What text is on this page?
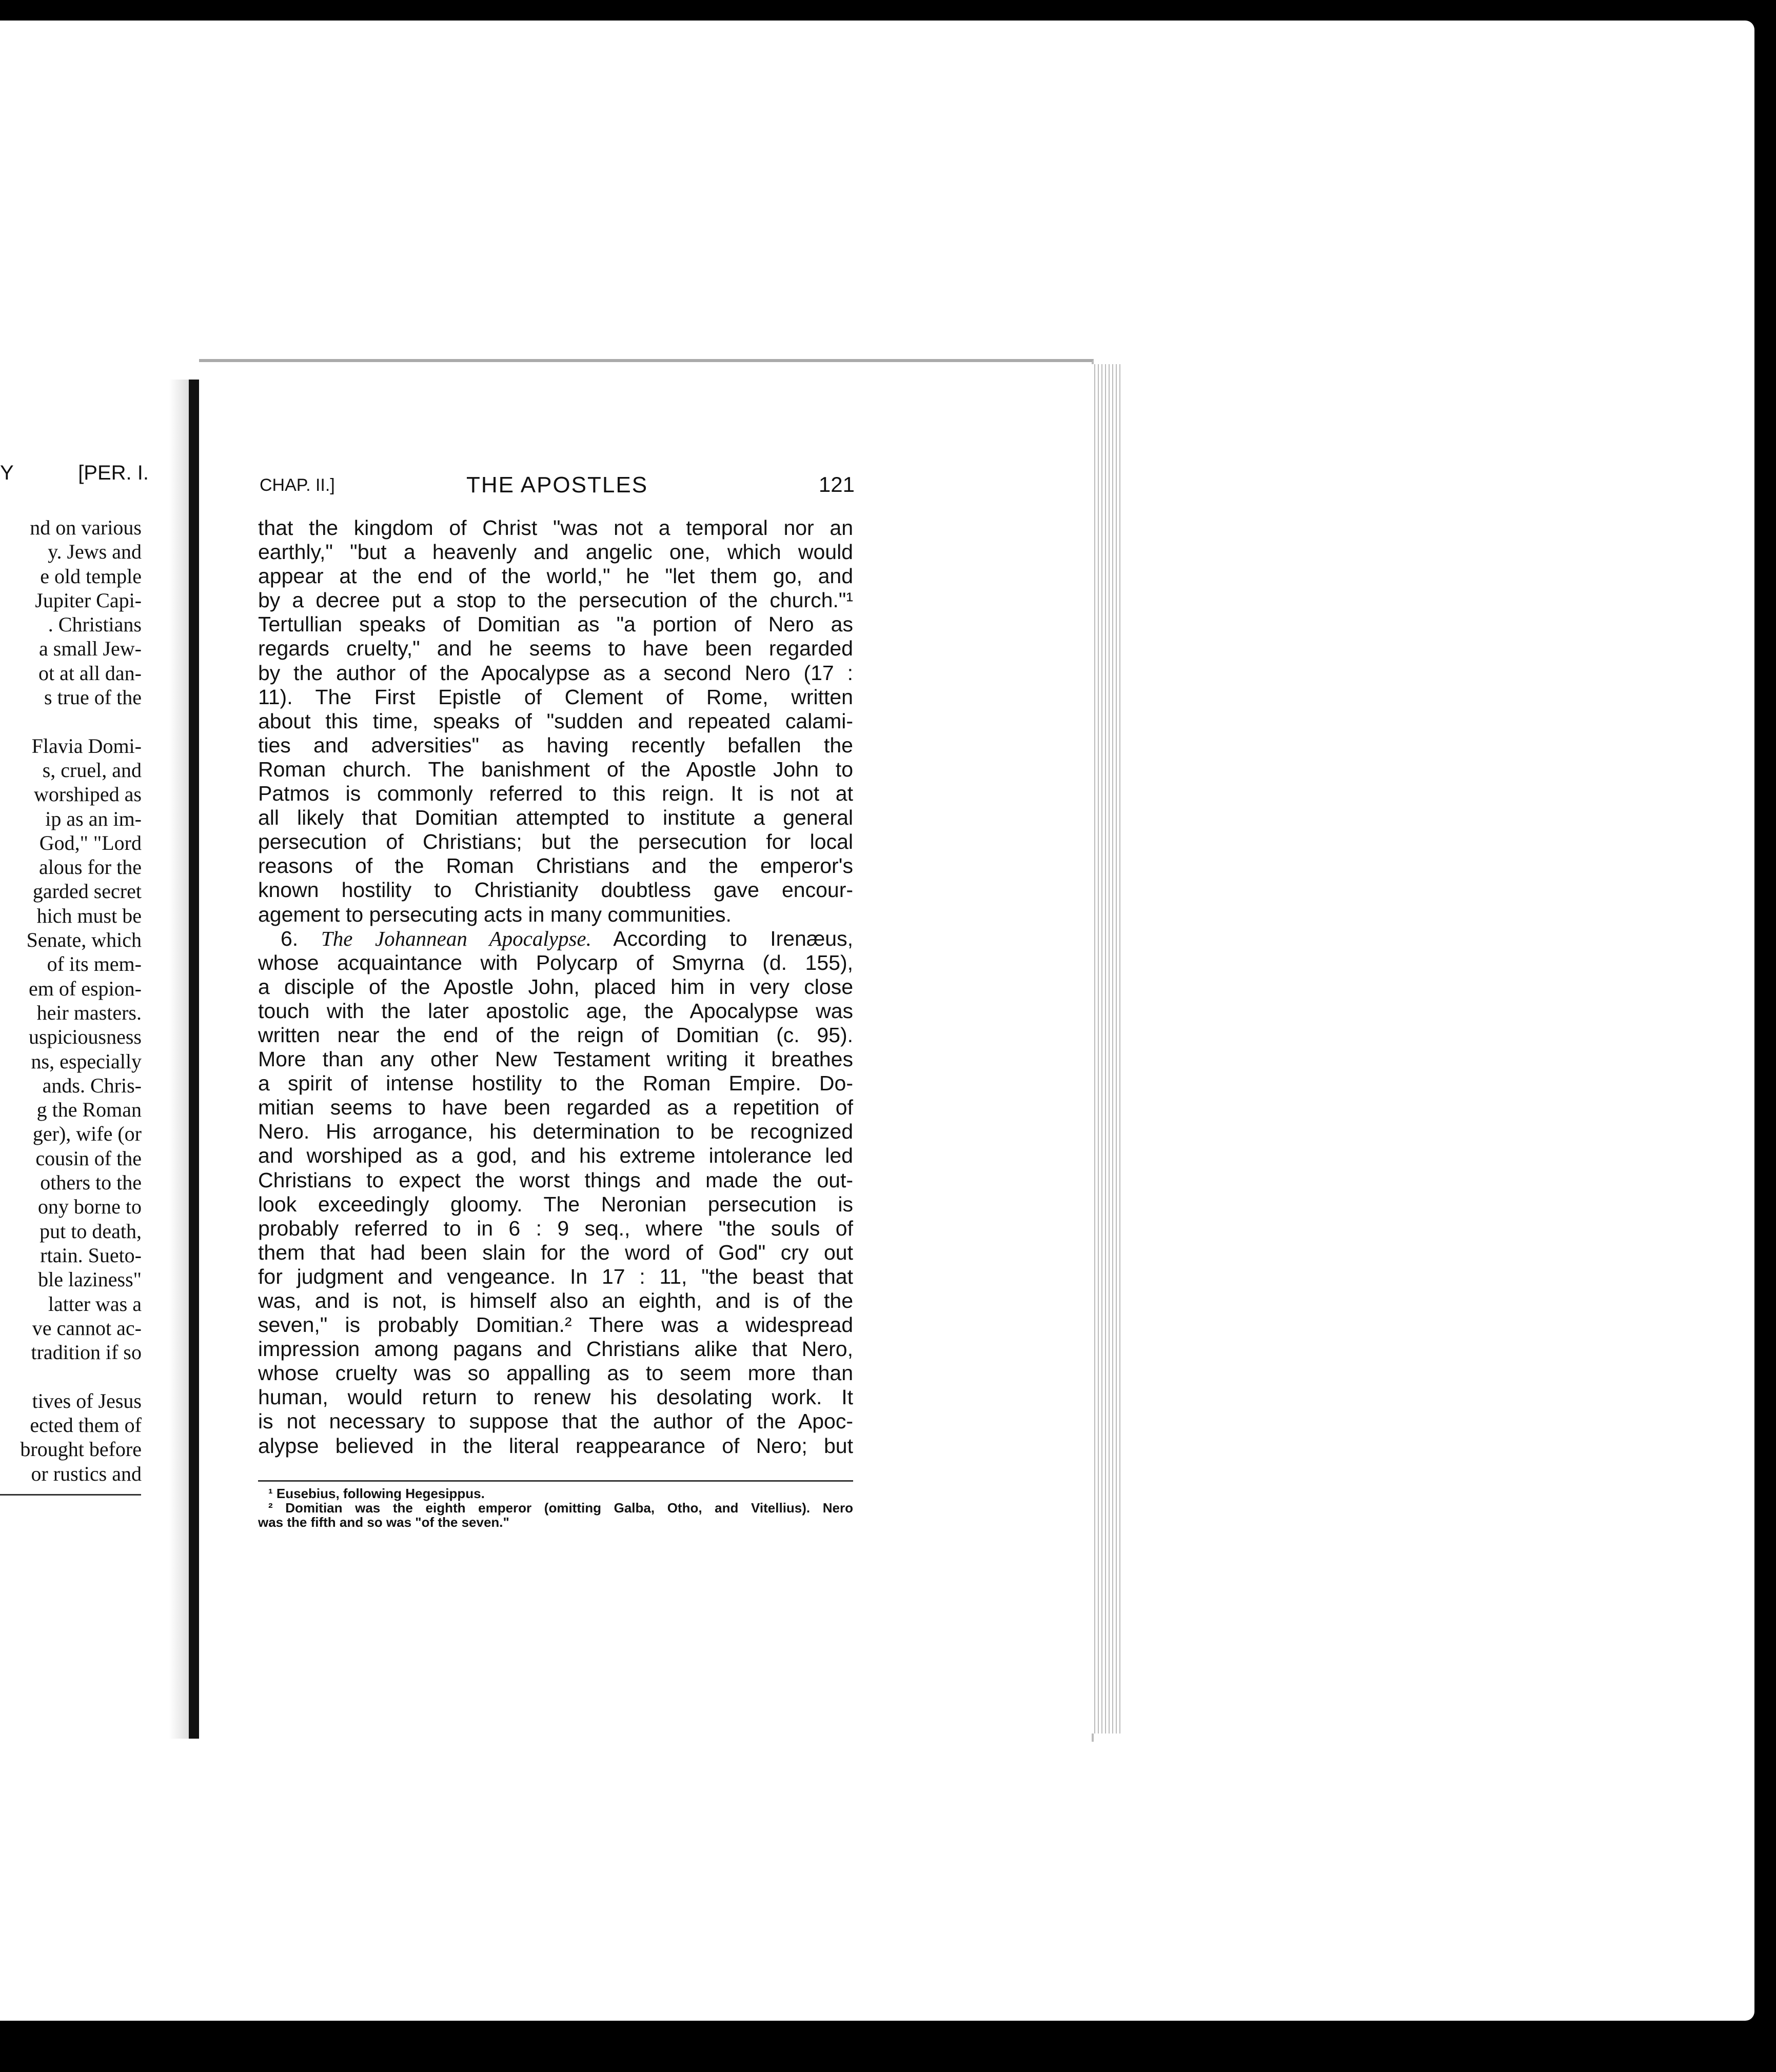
Y	[PER. I.
nd on various
y. Jews and
e old temple
Jupiter Capi-
. Christians
a small Jew-
ot at all dan-
s true of the
Flavia Domi-
s, cruel, and
worshiped as
ip as an im-
God," "Lord
alous for the
garded secret
hich must be
Senate, which
of its mem-
em of espion-
heir masters.
uspiciousness
ns, especially
ands. Chris-
g the Roman
ger), wife (or
cousin of the
others to the
ony borne to
put to death,
rtain. Sueto-
ble laziness"
latter was a
ve cannot ac-
tradition if so
tives of Jesus
ected them of
brought before
or rustics and
CHAP. II.]	THE APOSTLES	121
that the kingdom of Christ "was not a temporal nor an
earthly," "but a heavenly and angelic one, which would
appear at the end of the world," he "let them go, and
by a decree put a stop to the persecution of the church."¹
Tertullian speaks of Domitian as "a portion of Nero as
regards cruelty," and he seems to have been regarded
by the author of the Apocalypse as a second Nero (17 :
11). The First Epistle of Clement of Rome, written
about this time, speaks of "sudden and repeated calami-
ties and adversities" as having recently befallen the
Roman church. The banishment of the Apostle John to
Patmos is commonly referred to this reign. It is not at
all likely that Domitian attempted to institute a general
persecution of Christians; but the persecution for local
reasons of the Roman Christians and the emperor's
known hostility to Christianity doubtless gave encour-
agement to persecuting acts in many communities.
6. The Johannean Apocalypse. According to Irenæus,
whose acquaintance with Polycarp of Smyrna (d. 155),
a disciple of the Apostle John, placed him in very close
touch with the later apostolic age, the Apocalypse was
written near the end of the reign of Domitian (c. 95).
More than any other New Testament writing it breathes
a spirit of intense hostility to the Roman Empire. Do-
mitian seems to have been regarded as a repetition of
Nero. His arrogance, his determination to be recognized
and worshiped as a god, and his extreme intolerance led
Christians to expect the worst things and made the out-
look exceedingly gloomy. The Neronian persecution is
probably referred to in 6 : 9 seq., where "the souls of
them that had been slain for the word of God" cry out
for judgment and vengeance. In 17 : 11, "the beast that
was, and is not, is himself also an eighth, and is of the
seven," is probably Domitian.² There was a widespread
impression among pagans and Christians alike that Nero,
whose cruelty was so appalling as to seem more than
human, would return to renew his desolating work. It
is not necessary to suppose that the author of the Apoc-
alypse believed in the literal reappearance of Nero; but
¹ Eusebius, following Hegesippus.
² Domitian was the eighth emperor (omitting Galba, Otho, and Vitellius). Nero
was the fifth and so was "of the seven."
